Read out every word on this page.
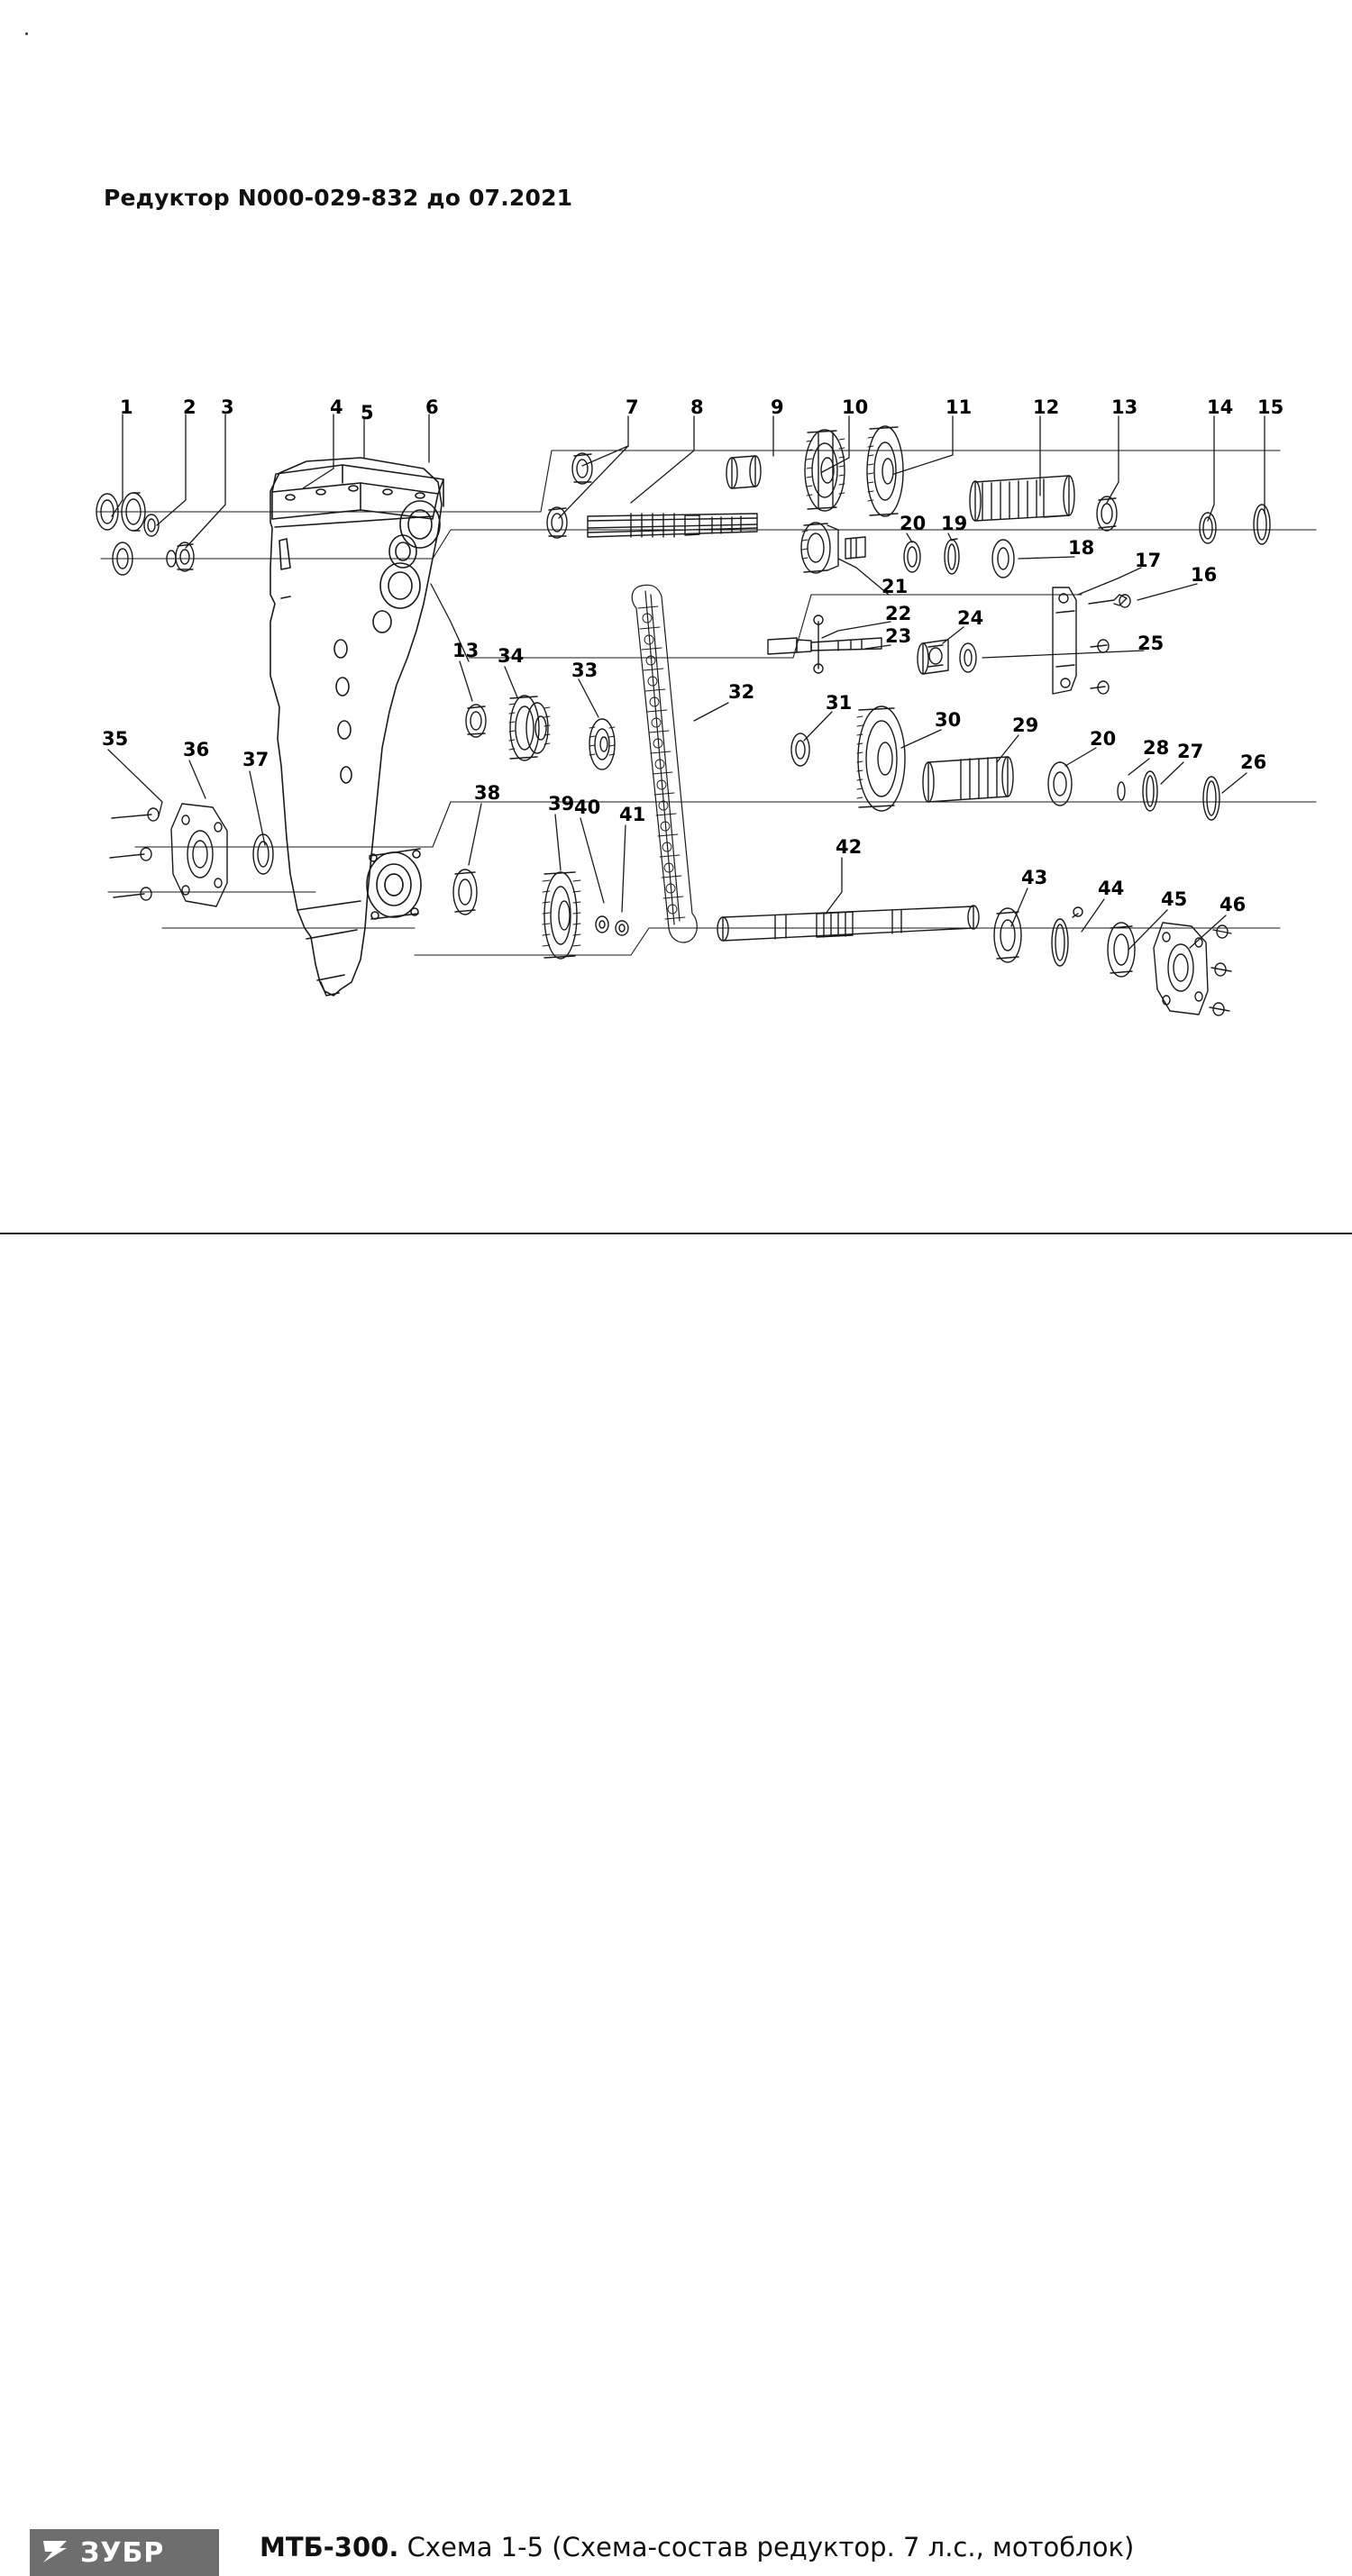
Редуктор N000-029-832 до 07.2021
1	2 3	4 5	6	7	8	9	10	11	12	13	14 15
20 19
18
17
16
21
22
23
24
25
13 34
33
32	31
30	29
20 28 27 26
35	36 37
38	39 40 41
42
43	44 45 46
ЗУБР	МТБ-300. Схема 1-5 (Схема-состав редуктор. 7 л.с., мотоблок)
